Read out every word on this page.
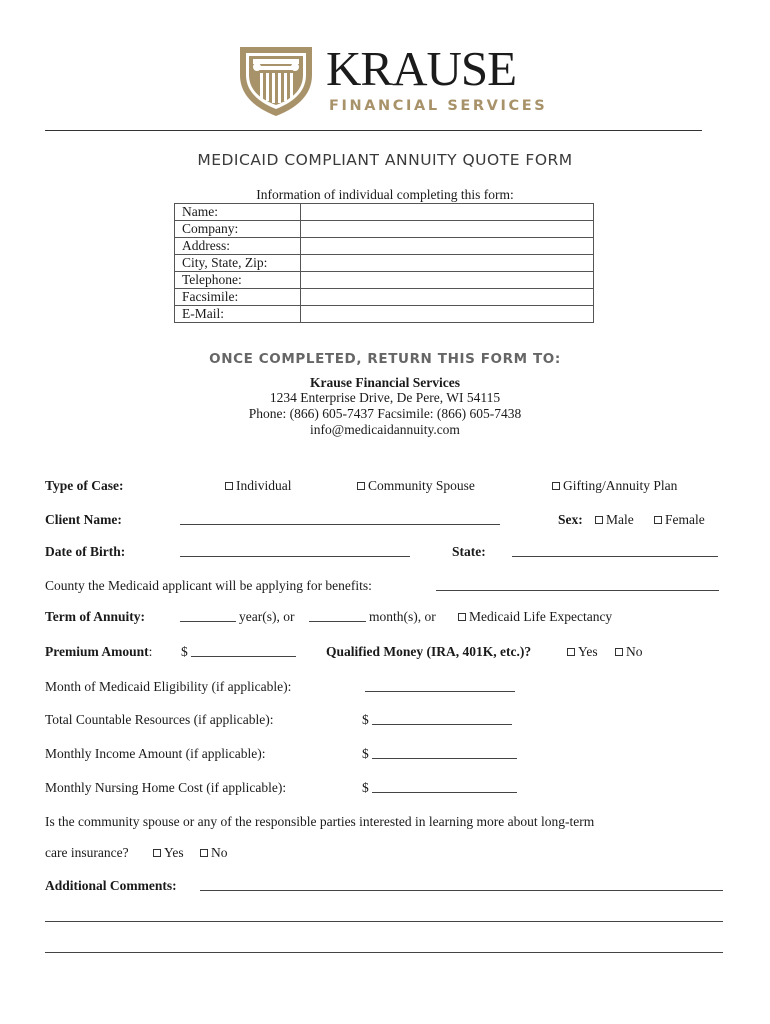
KRAUSE
FINANCIAL SERVICES
MEDICAID COMPLIANT ANNUITY QUOTE FORM
Information of individual completing this form:
Name:	
Company:	
Address:	
City, State, Zip:	
Telephone:	
Facsimile:	
E-Mail:	
ONCE COMPLETED, RETURN THIS FORM TO:
Krause Financial Services
1234 Enterprise Drive, De Pere, WI 54115
Phone: (866) 605-7437 Facsimile: (866) 605-7438
info@medicaidannuity.com
Type of Case:	Individual	Community Spouse	Gifting/Annuity Plan
Client Name:	Sex:	Male	Female
Date of Birth:	State:
County the Medicaid applicant will be applying for benefits:
Term of Annuity:	year(s), or	month(s), or	Medicaid Life Expectancy
Premium Amount: $	Qualified Money (IRA, 401K, etc.)?	Yes	No
Month of Medicaid Eligibility (if applicable):
Total Countable Resources (if applicable):	$
Monthly Income Amount (if applicable):	$
Monthly Nursing Home Cost (if applicable):	$
Is the community spouse or any of the responsible parties interested in learning more about long-term
care insurance?	Yes	No
Additional Comments:
